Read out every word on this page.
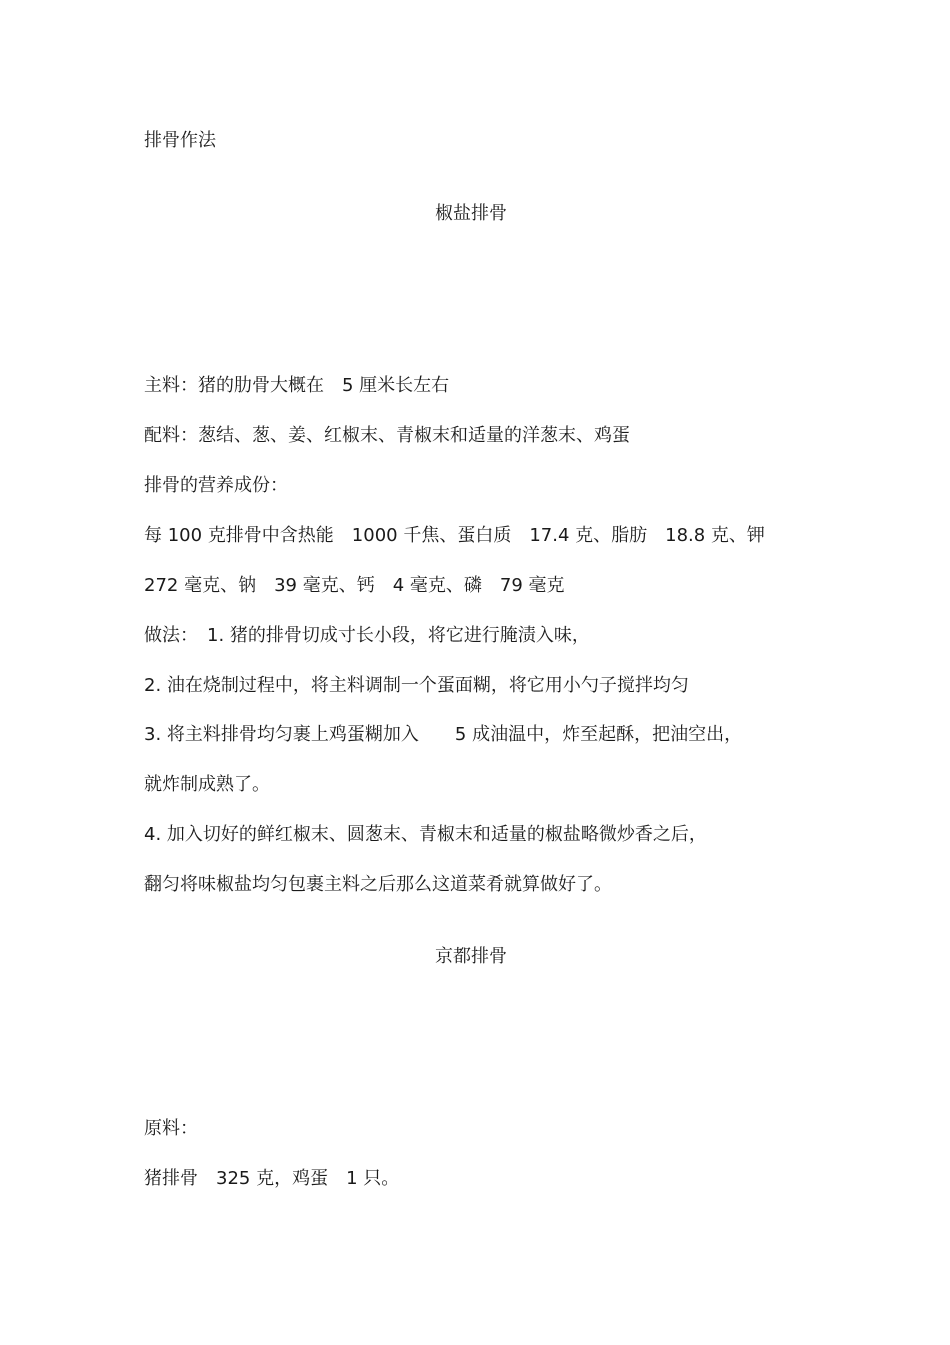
排骨作法

椒盐排骨

主料：猪的肋骨大概在　5 厘米长左右

配料：葱结、葱、姜、红椒末、青椒末和适量的洋葱末、鸡蛋

排骨的营养成份：

每 100 克排骨中含热能　1000 千焦、蛋白质　17.4 克、脂肪　18.8 克、钾

272 毫克、钠　39 毫克、钙　4 毫克、磷　79 毫克

做法：　1. 猪的排骨切成寸长小段，将它进行腌渍入味，

2. 油在烧制过程中，将主料调制一个蛋面糊，将它用小勺子搅拌均匀

3. 将主料排骨均匀裹上鸡蛋糊加入　　5 成油温中，炸至起酥，把油空出，

就炸制成熟了。

4. 加入切好的鲜红椒末、圆葱末、青椒末和适量的椒盐略微炒香之后，

翻匀将味椒盐均匀包裹主料之后那么这道菜肴就算做好了。

京都排骨

原料：

猪排骨　325 克，鸡蛋　1 只。
